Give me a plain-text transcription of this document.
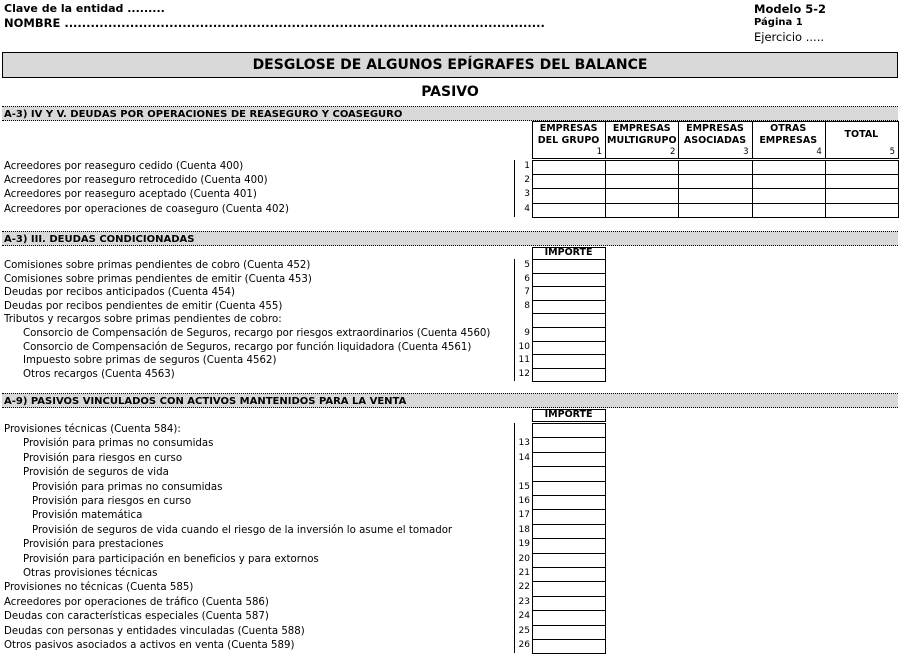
Clave de la entidad .........
NOMBRE ..............................................................................................................
Modelo 5-2
Página 1
Ejercicio .....
DESGLOSE DE ALGUNOS EPÍGRAFES DEL BALANCE
PASIVO
A-3) IV Y V. DEUDAS POR OPERACIONES DE REASEGURO Y COASEGURO
EMPRESAS
DEL GRUPO
1
EMPRESAS
MULTIGRUPO
2
EMPRESAS
ASOCIADAS
3
OTRAS
EMPRESAS
4
TOTAL
5
Acreedores por reaseguro cedido (Cuenta 400)	1
Acreedores por reaseguro retrocedido (Cuenta 400)	2
Acreedores por reaseguro aceptado (Cuenta 401)	3
Acreedores por operaciones de coaseguro (Cuenta 402)	4
A-3) III. DEUDAS CONDICIONADAS
IMPORTE
Comisiones sobre primas pendientes de cobro (Cuenta 452)	5
Comisiones sobre primas pendientes de emitir (Cuenta 453)	6
Deudas por recibos anticipados (Cuenta 454)	7
Deudas por recibos pendientes de emitir (Cuenta 455)	8
Tributos y recargos sobre primas pendientes de cobro:
Consorcio de Compensación de Seguros, recargo por riesgos extraordinarios (Cuenta 4560)	9
Consorcio de Compensación de Seguros, recargo por función liquidadora (Cuenta 4561)	10
Impuesto sobre primas de seguros (Cuenta 4562)	11
Otros recargos (Cuenta 4563)	12
A-9) PASIVOS VINCULADOS CON ACTIVOS MANTENIDOS PARA LA VENTA
IMPORTE
Provisiones técnicas (Cuenta 584):
Provisión para primas no consumidas	13
Provisión para riesgos en curso	14
Provisión de seguros de vida
Provisión para primas no consumidas	15
Provisión para riesgos en curso	16
Provisión matemática	17
Provisión de seguros de vida cuando el riesgo de la inversión lo asume el tomador	18
Provisión para prestaciones	19
Provisión para participación en beneficios y para extornos	20
Otras provisiones técnicas	21
Provisiones no técnicas (Cuenta 585)	22
Acreedores por operaciones de tráfico (Cuenta 586)	23
Deudas con características especiales (Cuenta 587)	24
Deudas con personas y entidades vinculadas (Cuenta 588)	25
Otros pasivos asociados a activos en venta (Cuenta 589)	26
